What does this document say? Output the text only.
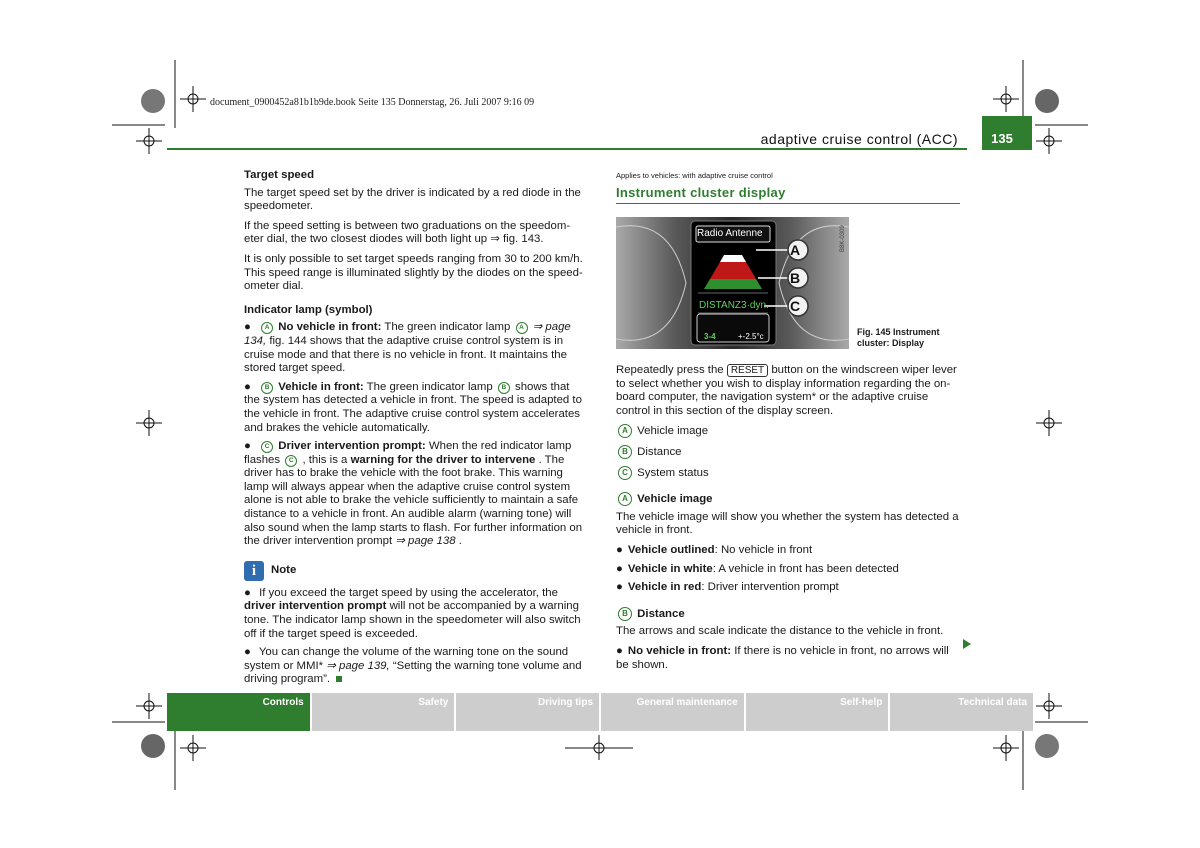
document_0900452a81b1b9de.book Seite 135 Donnerstag, 26. Juli 2007 9:16 09
adaptive cruise control (ACC)	135
Target speed

The target speed set by the driver is indicated by a red diode in the speedometer.

If the speed setting is between two graduations on the speedom-eter dial, the two closest diodes will both light up ⇒ fig. 143.

It is only possible to set target speeds ranging from 30 to 200 km/h. This speed range is illuminated slightly by the diodes on the speed-ometer dial.

Indicator lamp (symbol)
● A No vehicle in front: The green indicator lamp A ⇒ page 134, fig. 144 shows that the adaptive cruise control system is in cruise mode and that there is no vehicle in front. It maintains the stored target speed.
● B Vehicle in front: The green indicator lamp B shows that the system has detected a vehicle in front. The speed is adapted to the vehicle in front. The adaptive cruise control system accelerates and brakes the vehicle automatically.
● C Driver intervention prompt: When the red indicator lamp flashes C , this is a warning for the driver to intervene . The driver has to brake the vehicle with the foot brake. This warning lamp will always appear when the adaptive cruise control system alone is not able to brake the vehicle sufficiently to maintain a safe distance to a vehicle in front. An audible alarm (warning tone) will also sound when the lamp starts to flash. For further information on the driver intervention prompt ⇒ page 138 .
i	Note
● If you exceed the target speed by using the accelerator, the driver intervention prompt will not be accompanied by a warning tone. The indicator lamp shown in the speedometer will also switch off if the target speed is exceeded.
● You can change the volume of the warning tone on the sound system or MMI* ⇒ page 139, “Setting the warning tone volume and driving program”.
Applies to vehicles: with adaptive cruise control
Instrument cluster display
Radio Antenne
DISTANZ3·dyn.
3-4	+-2.5°c
A
B
C
B8K-0309
Fig. 145 Instrument cluster: Display

Repeatedly press the RESET button on the windscreen wiper lever to select whether you wish to display information regarding the on-board computer, the navigation system* or the adaptive cruise control in this section of the display screen.

A Vehicle image
B Distance
C System status
A Vehicle image

The vehicle image will show you whether the system has detected a vehicle in front.

● Vehicle outlined: No vehicle in front
● Vehicle in white: A vehicle in front has been detected
● Vehicle in red: Driver intervention prompt
B Distance

The arrows and scale indicate the distance to the vehicle in front.

● No vehicle in front: If there is no vehicle in front, no arrows will be shown.
Controls	Safety	Driving tips	General maintenance	Self-help	Technical data
